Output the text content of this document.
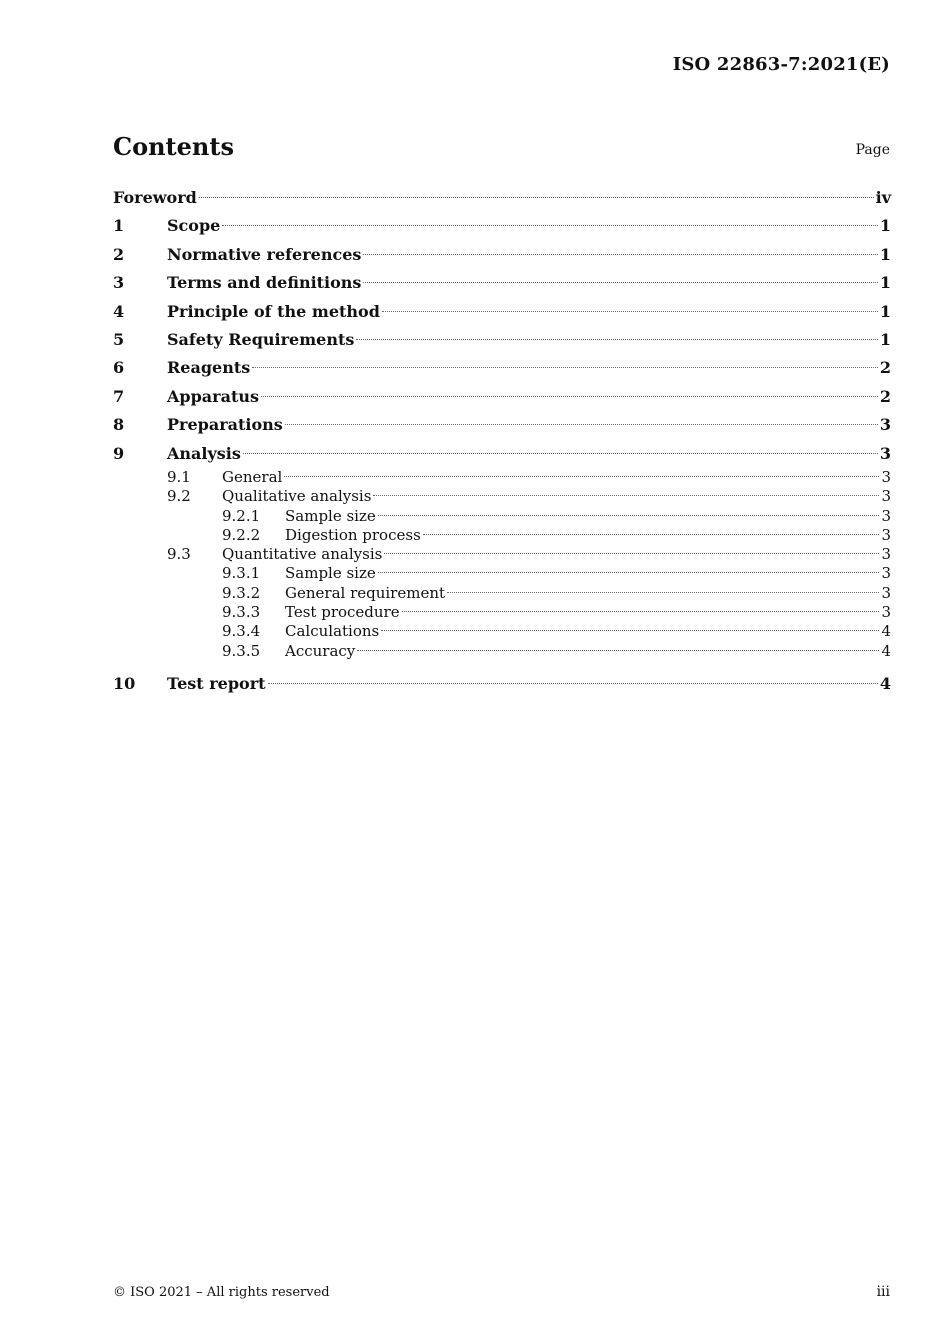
ISO 22863-7:2021(E)
Contents	Page
Foreword	iv
1	Scope	1
2	Normative references	1
3	Terms and definitions	1
4	Principle of the method	1
5	Safety Requirements	1
6	Reagents	2
7	Apparatus	2
8	Preparations	3
9	Analysis	3
9.1	General	3
9.2	Qualitative analysis	3
9.2.1	Sample size	3
9.2.2	Digestion process	3
9.3	Quantitative analysis	3
9.3.1	Sample size	3
9.3.2	General requirement	3
9.3.3	Test procedure	3
9.3.4	Calculations	4
9.3.5	Accuracy	4
10	Test report	4
© ISO 2021 – All rights reserved	iii
